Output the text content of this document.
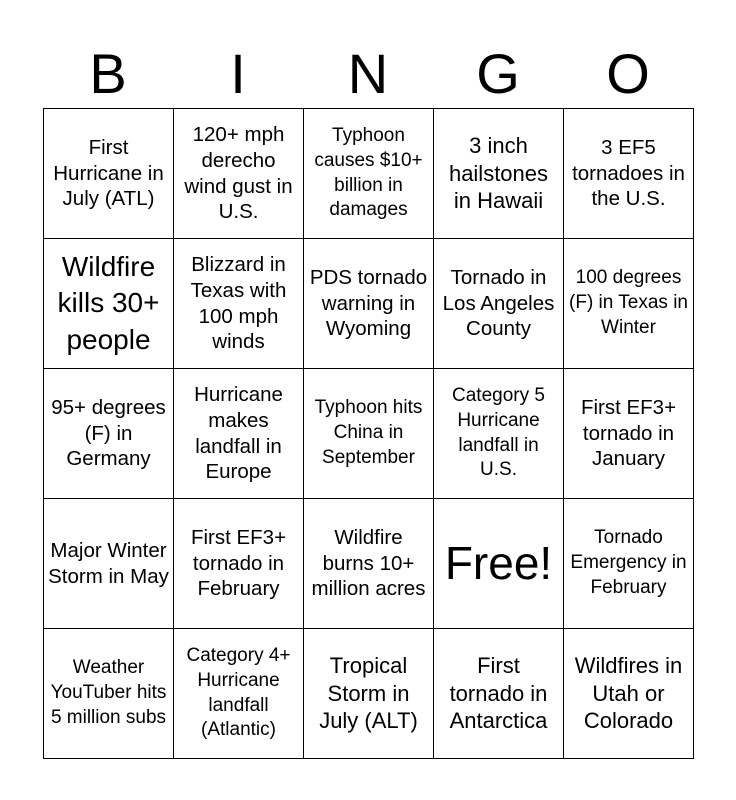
B	I	N	G	O
First Hurricane in July (ATL)	120+ mph derecho wind gust in U.S.	Typhoon causes $10+ billion in damages	3 inch hailstones in Hawaii	3 EF5 tornadoes in the U.S.
Wildfire kills 30+ people	Blizzard in Texas with 100 mph winds	PDS tornado warning in Wyoming	Tornado in Los Angeles County	100 degrees (F) in Texas in Winter
95+ degrees (F) in Germany	Hurricane makes landfall in Europe	Typhoon hits China in September	Category 5 Hurricane landfall in U.S.	First EF3+ tornado in January
Major Winter Storm in May	First EF3+ tornado in February	Wildfire burns 10+ million acres	Free!	Tornado Emergency in February
Weather YouTuber hits 5 million subs	Category 4+ Hurricane landfall (Atlantic)	Tropical Storm in July (ALT)	First tornado in Antarctica	Wildfires in Utah or Colorado
